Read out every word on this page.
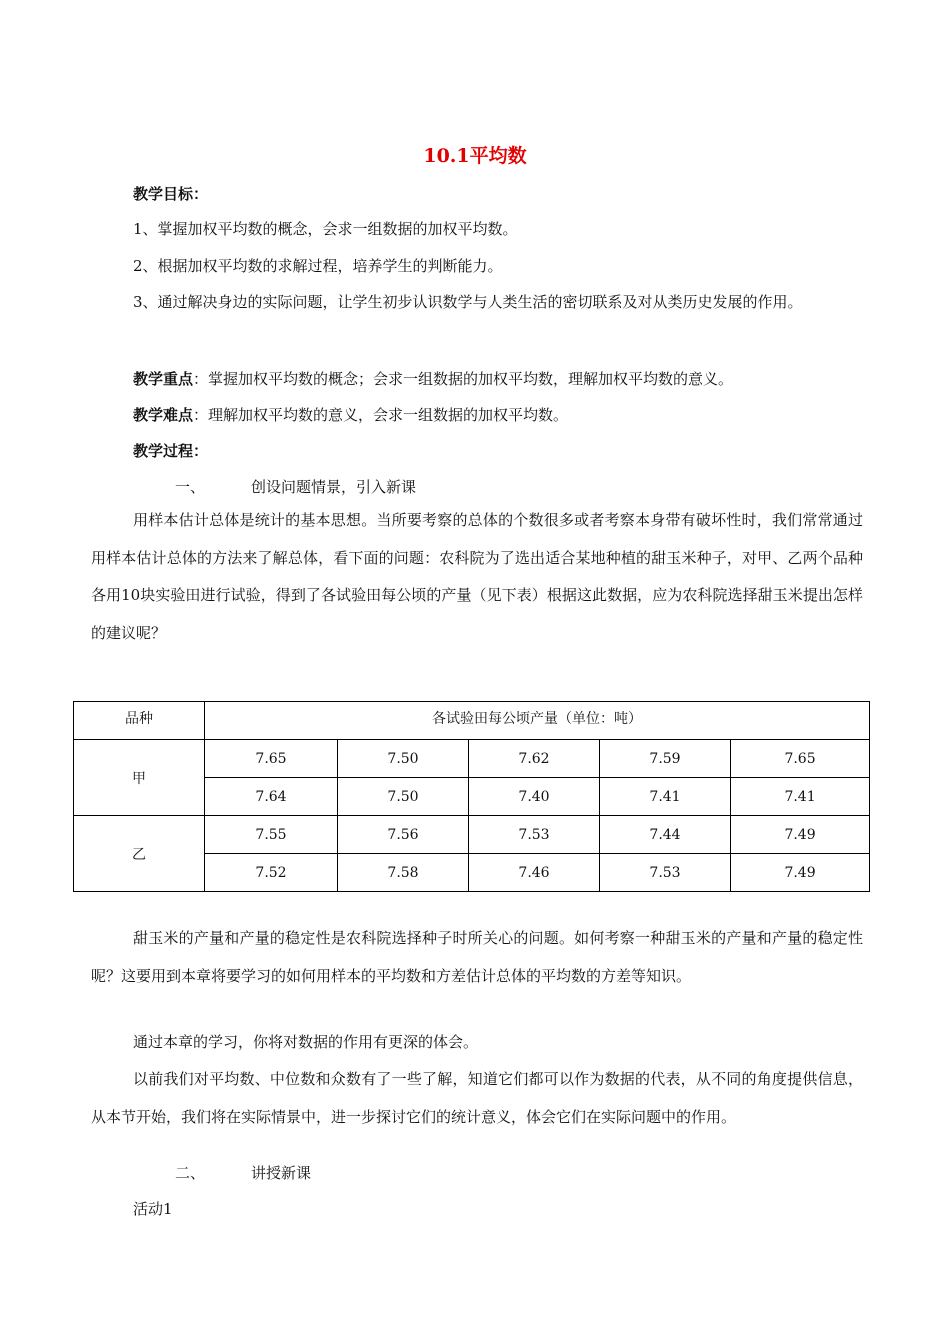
10.1平均数
教学目标：
1、掌握加权平均数的概念，会求一组数据的加权平均数。
2、根据加权平均数的求解过程，培养学生的判断能力。
3、通过解决身边的实际问题，让学生初步认识数学与人类生活的密切联系及对从类历史发展的作用。
教学重点：掌握加权平均数的概念；会求一组数据的加权平均数，理解加权平均数的意义。
教学难点：理解加权平均数的意义，会求一组数据的加权平均数。
教学过程：
一、	创设问题情景，引入新课
用样本估计总体是统计的基本思想。当所要考察的总体的个数很多或者考察本身带有破坏性时，我们常常通过用样本估计总体的方法来了解总体，看下面的问题：农科院为了选出适合某地种植的甜玉米种子，对甲、乙两个品种各用10块实验田进行试验，得到了各试验田每公顷的产量（见下表）根据这此数据，应为农科院选择甜玉米提出怎样的建议呢？
品种	各试验田每公顷产量（单位：吨）				
甲	7.65	7.50	7.62	7.59	7.65
	7.64	7.50	7.40	7.41	7.41
乙	7.55	7.56	7.53	7.44	7.49
	7.52	7.58	7.46	7.53	7.49
甜玉米的产量和产量的稳定性是农科院选择种子时所关心的问题。如何考察一种甜玉米的产量和产量的稳定性呢？这要用到本章将要学习的如何用样本的平均数和方差估计总体的平均数的方差等知识。
通过本章的学习，你将对数据的作用有更深的体会。
以前我们对平均数、中位数和众数有了一些了解，知道它们都可以作为数据的代表，从不同的角度提供信息，从本节开始，我们将在实际情景中，进一步探讨它们的统计意义，体会它们在实际问题中的作用。
二、	讲授新课
活动1
